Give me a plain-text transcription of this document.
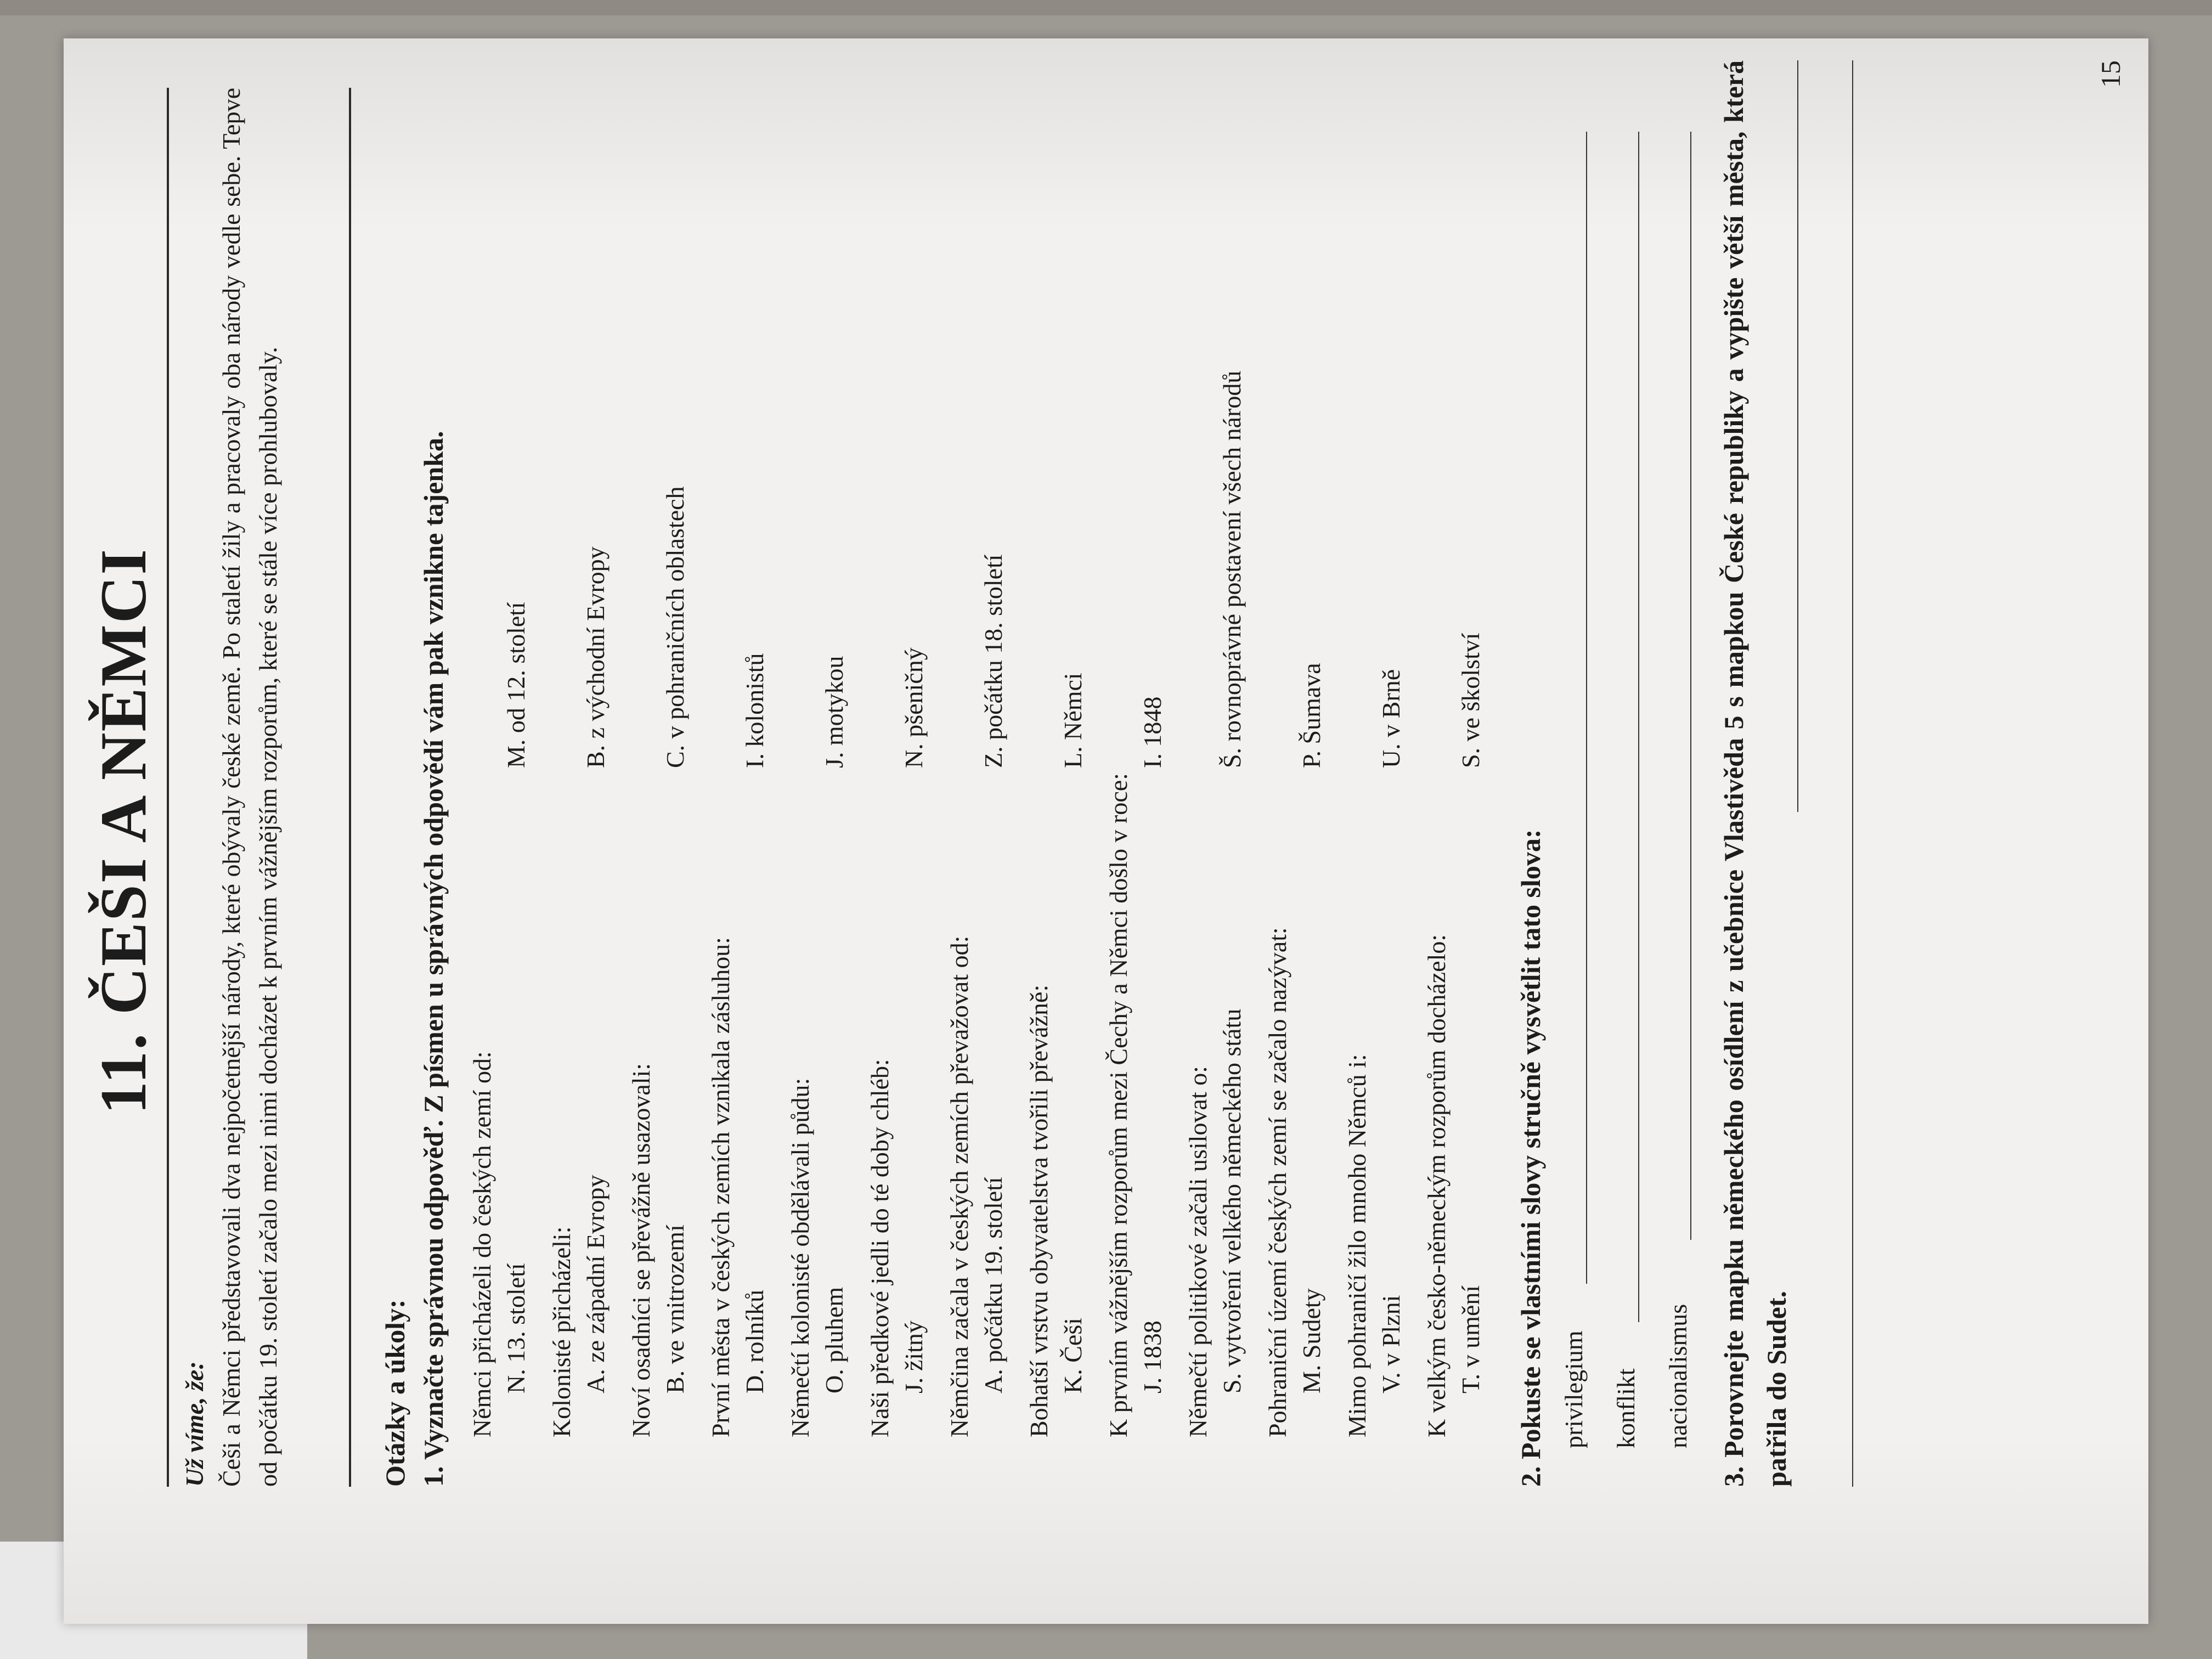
11. ČEŠI A NĚMCI
Už víme, že: Češi a Němci představovali dva nejpočetnější národy, které obývaly české země. Po staletí žily a pracovaly oba národy vedle sebe. Tepve od počátku 19. století začalo mezi nimi docházet k prvním vážnějším rozporům, které se stále více prohlubovaly.	Otázky a úkoly: 1. Vyznačte správnou odpověď. Z písmen u správných odpovědí vám pak vznikne tajenka. Němci přicházeli do českých zemí od: N. 13. století
M. od 12. století
Kolonisté přicházeli: A. ze západní Evropy
B. z východní Evropy
Noví osadníci se převážně usazovali: B. ve vnitrozemí
C. v pohraničních oblastech
První města v českých zemích vznikala zásluhou: D. rolníků
I. kolonistů
Němečtí kolonisté obdělávali půdu: O. pluhem
J. motykou
Naši předkové jedli do té doby chléb: J. žitný
N. pšeničný
Němčina začala v českých zemích převažovat od: A. počátku 19. století
Z. počátku 18. století
Bohatší vrstvu obyvatelstva tvořili převážně: K. Češi
L. Němci
K prvním vážnějším rozporům mezi Čechy a Němci došlo v roce: J. 1838
I. 1848
Němečtí politikové začali usilovat o: S. vytvoření velkého německého státu
Š. rovnoprávné postavení všech národů
Pohraniční území českých zemí se začalo nazývat: M. Sudety
P. Šumava
Mimo pohraničí žilo mnoho Němců i: V. v Plzni
U. v Brně
K velkým česko-německým rozporům docházelo: T. v umění
S. ve školství
2. Pokuste se vlastními slovy stručně vysvětlit tato slova: privilegium konflikt nacionalismus 3. Porovnejte mapku německého osídlení z učebnice Vlastivěda 5 s mapkou České republiky a vypište větší města, která patřila do Sudet.
15
